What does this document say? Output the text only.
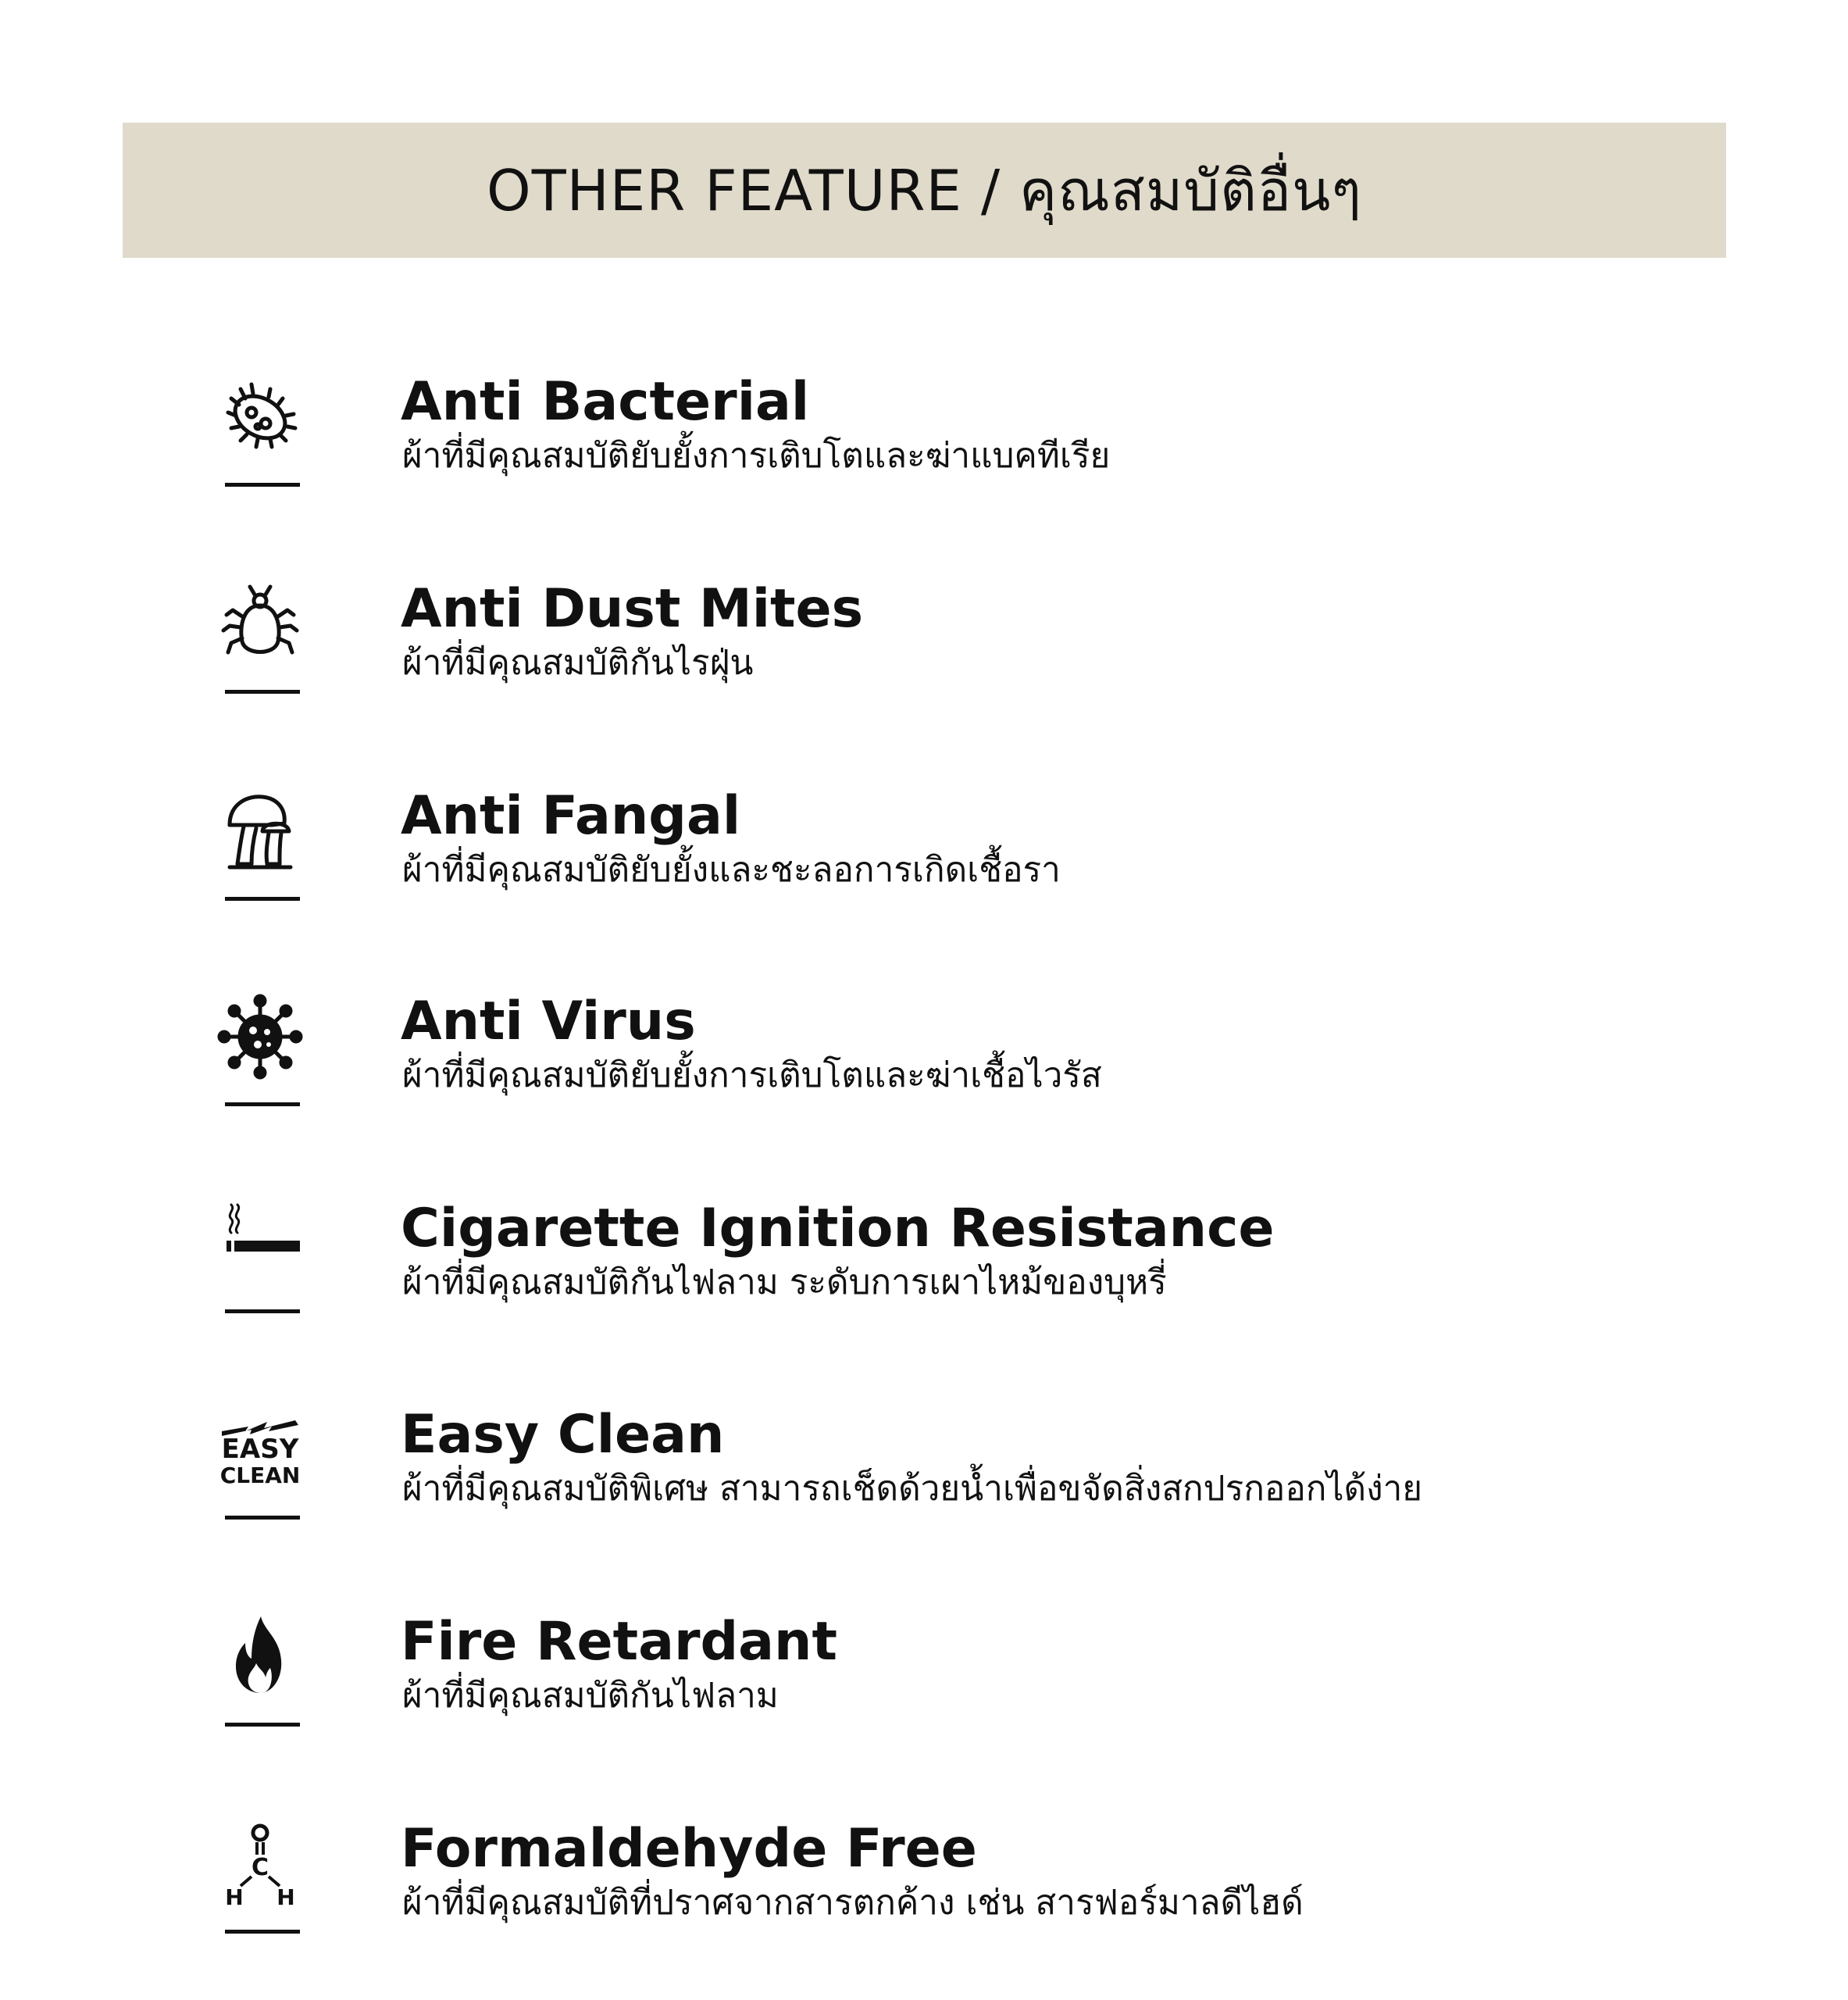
OTHER FEATURE / คุณสมบัติอื่นๆ
Anti Bacterial
ผ้าที่มีคุณสมบัติยับยั้งการเติบโตและฆ่าแบคทีเรีย
Anti Dust Mites
ผ้าที่มีคุณสมบัติกันไรฝุ่น
Anti Fangal
ผ้าที่มีคุณสมบัติยับยั้งและชะลอการเกิดเชื้อรา
Anti Virus
ผ้าที่มีคุณสมบัติยับยั้งการเติบโตและฆ่าเชื้อไวรัส
Cigarette Ignition Resistance
ผ้าที่มีคุณสมบัติกันไฟลาม ระดับการเผาไหม้ของบุหรี่
EASY
CLEAN
Easy Clean
ผ้าที่มีคุณสมบัติพิเศษ สามารถเช็ดด้วยน้ำเพื่อขจัดสิ่งสกปรกออกได้ง่าย
Fire Retardant
ผ้าที่มีคุณสมบัติกันไฟลาม
C
H H
O	Formaldehyde Free
ผ้าที่มีคุณสมบัติที่ปราศจากสารตกค้าง เช่น สารฟอร์มาลดีไฮด์
